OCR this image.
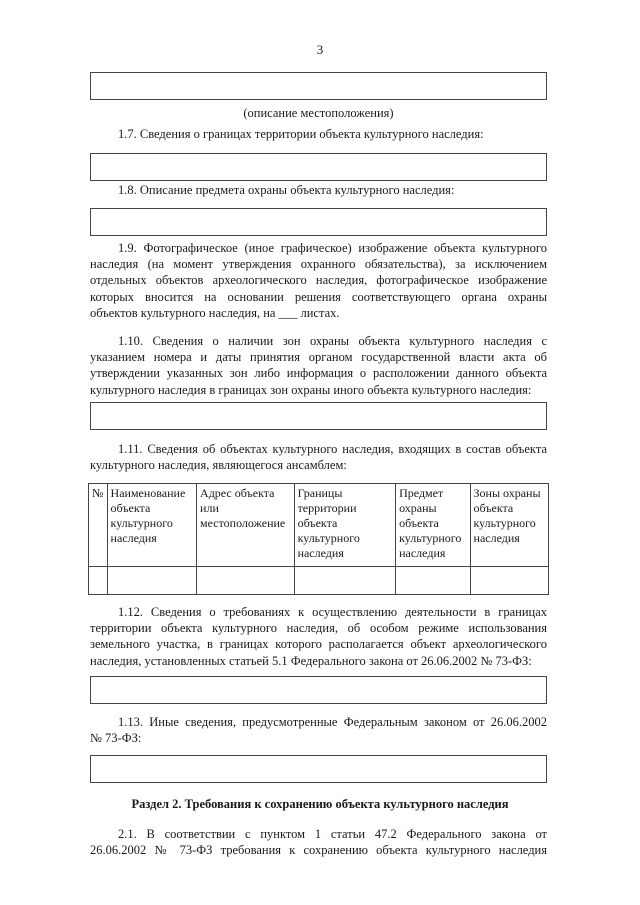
3
(описание местоположения)
1.7. Сведения о границах территории объекта культурного наследия:
1.8. Описание предмета охраны объекта культурного наследия:
1.9. Фотографическое (иное графическое) изображение объекта культурного
наследия (на момент утверждения охранного обязательства), за исключением
отдельных объектов археологического наследия, фотографическое изображение
которых вносится на основании решения соответствующего органа охраны
объектов культурного наследия, на ___ листах.
1.10. Сведения о наличии зон охраны объекта культурного наследия с
указанием номера и даты принятия органом государственной власти акта об
утверждении указанных зон либо информация о расположении данного объекта
культурного наследия в границах зон охраны иного объекта культурного наследия:
1.11. Сведения об объектах культурного наследия, входящих в состав объекта
культурного наследия, являющегося ансамблем:
№	Наименование объекта культурного наследия	Адрес объекта или местоположение	Границы территории объекта культурного наследия	Предмет охраны объекта культурного наследия	Зоны охраны объекта культурного наследия

1.12. Сведения о требованиях к осуществлению деятельности в границах
территории объекта культурного наследия, об особом режиме использования
земельного участка, в границах которого располагается объект археологического
наследия, установленных статьей 5.1 Федерального закона от 26.06.2002 № 73-ФЗ:
1.13. Иные сведения, предусмотренные Федеральным законом от 26.06.2002
№ 73-ФЗ:
Раздел 2. Требования к сохранению объекта культурного наследия
2.1. В соответствии с пунктом 1 статьи 47.2 Федерального закона от
26.06.2002 № 73-ФЗ требования к сохранению объекта культурного наследия
